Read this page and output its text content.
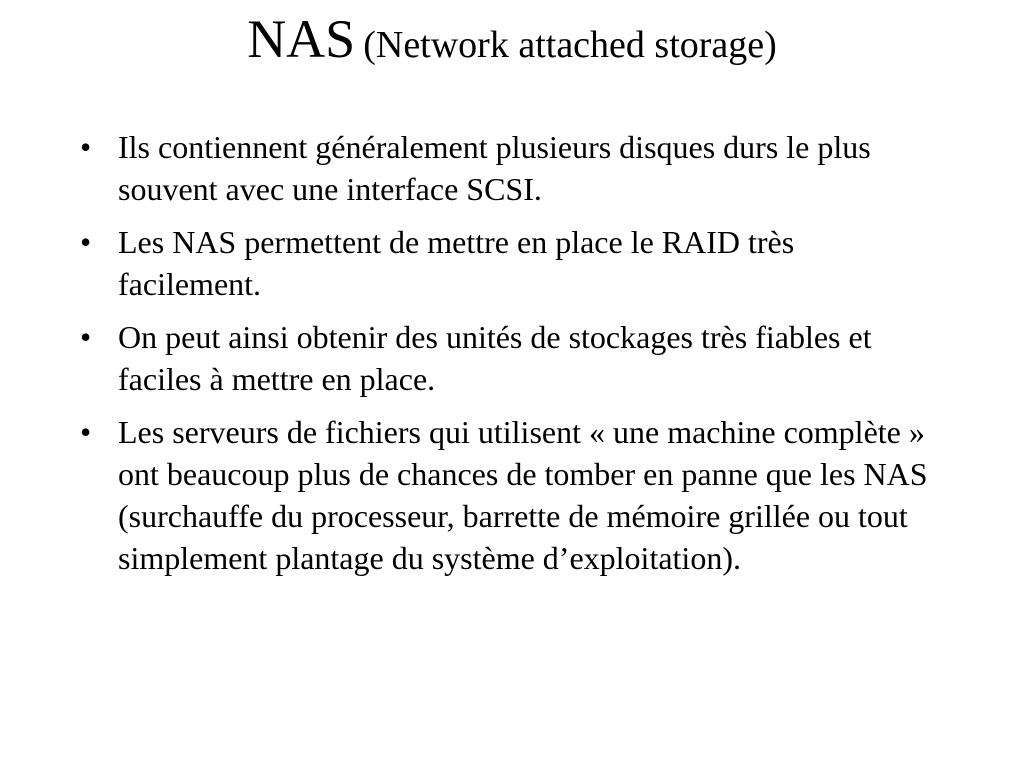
NAS (Network attached storage)
• Ils contiennent généralement plusieurs disques durs le plus souvent avec une interface SCSI.
• Les NAS permettent de mettre en place le RAID très facilement.
• On peut ainsi obtenir des unités de stockages très fiables et faciles à mettre en place.
• Les serveurs de fichiers qui utilisent « une machine complète » ont beaucoup plus de chances de tomber en panne que les NAS (surchauffe du processeur, barrette de mémoire grillée ou tout simplement plantage du système d’exploitation).
